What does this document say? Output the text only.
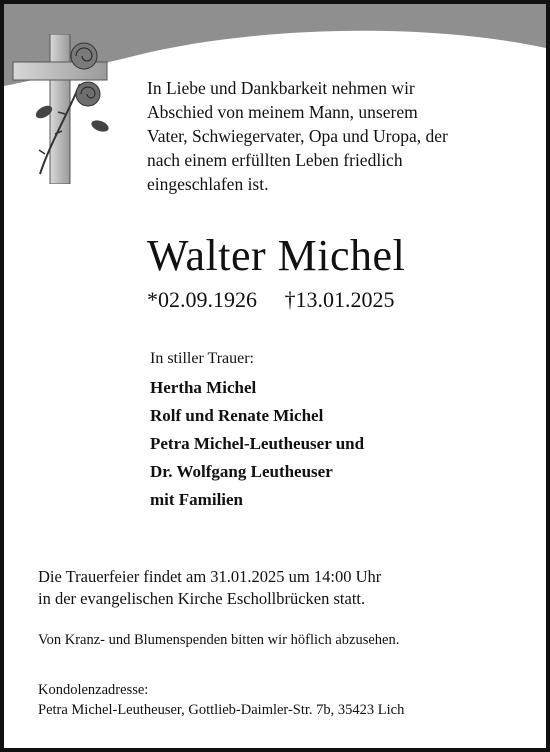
In Liebe und Dankbarkeit nehmen wir
Abschied von meinem Mann, unserem
Vater, Schwiegervater, Opa und Uropa, der
nach einem erfüllten Leben friedlich
eingeschlafen ist.
Walter Michel
*02.09.1926 †13.01.2025
In stiller Trauer:
Hertha Michel
Rolf und Renate Michel
Petra Michel-Leutheuser und
Dr. Wolfgang Leutheuser
mit Familien
Die Trauerfeier findet am 31.01.2025 um 14:00 Uhr
in der evangelischen Kirche Eschollbrücken statt.
Von Kranz- und Blumenspenden bitten wir höflich abzusehen.
Kondolenzadresse:
Petra Michel-Leutheuser, Gottlieb-Daimler-Str. 7b, 35423 Lich
